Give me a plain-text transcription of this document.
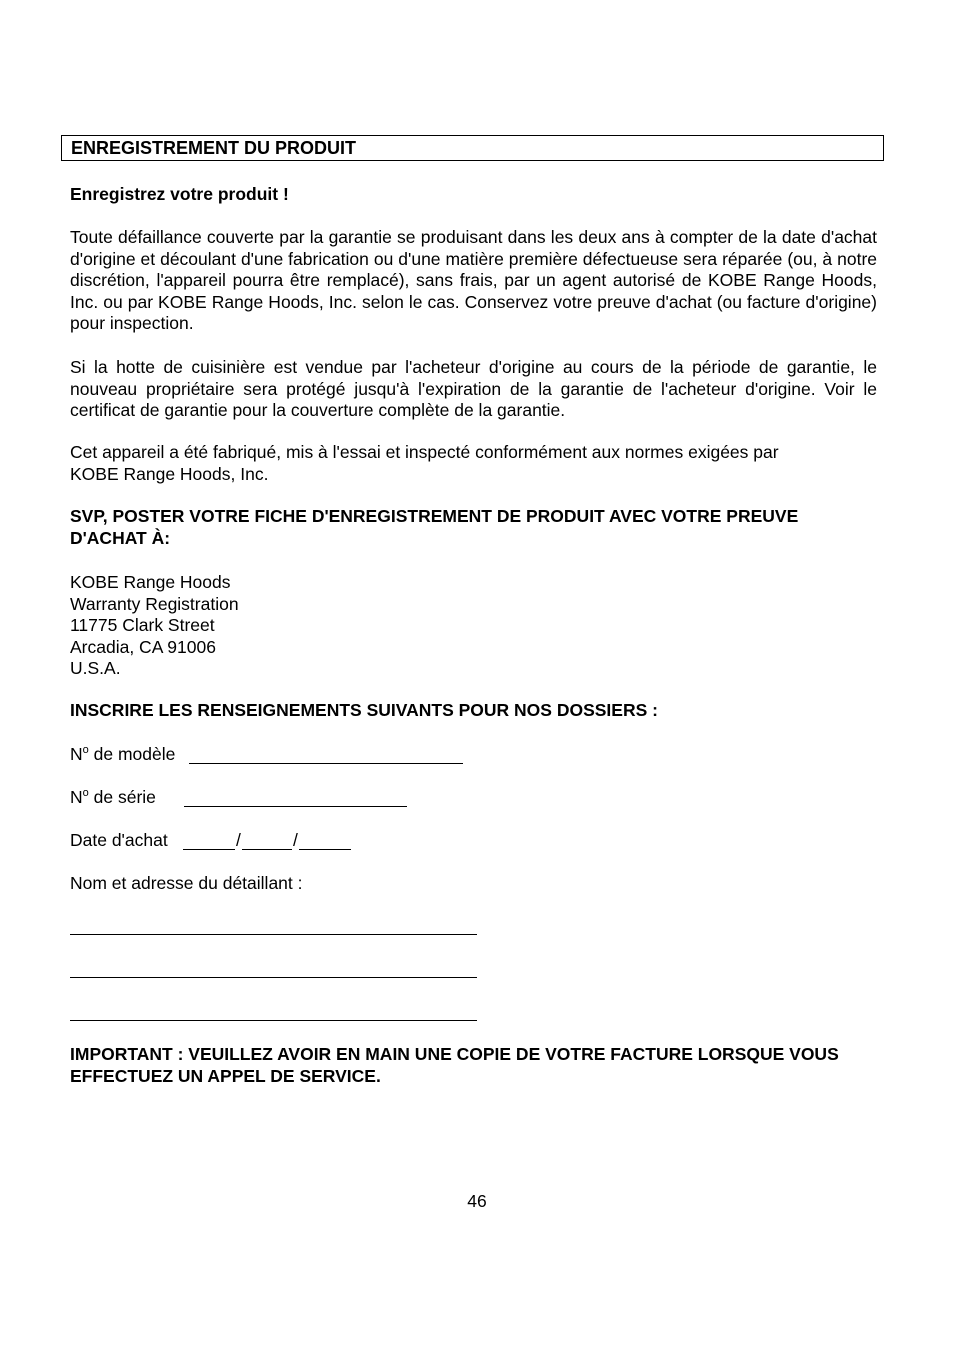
ENREGISTREMENT DU PRODUIT

Enregistrez votre produit !

Toute défaillance couverte par la garantie se produisant dans les deux ans à compter de la date d'achat d'origine et découlant d'une fabrication ou d'une matière première défectueuse sera réparée (ou, à notre discrétion, l'appareil pourra être remplacé), sans frais, par un agent autorisé de KOBE Range Hoods, Inc. ou par KOBE Range Hoods, Inc. selon le cas. Conservez votre preuve d'achat (ou facture d'origine) pour inspection.

Si la hotte de cuisinière est vendue par l'acheteur d'origine au cours de la période de garantie, le nouveau propriétaire sera protégé jusqu'à l'expiration de la garantie de l'acheteur d'origine. Voir le certificat de garantie pour la couverture complète de la garantie.

Cet appareil a été fabriqué, mis à l'essai et inspecté conformément aux normes exigées par
KOBE Range Hoods, Inc.

SVP, POSTER VOTRE FICHE D'ENREGISTREMENT DE PRODUIT AVEC VOTRE PREUVE D'ACHAT À:

KOBE Range Hoods
Warranty Registration
11775 Clark Street
Arcadia, CA 91006
U.S.A.

INSCRIRE LES RENSEIGNEMENTS SUIVANTS POUR NOS DOSSIERS :

$N^o$ de modèle
$N^o$ de série
Date d'achat	/	/
Nom et adresse du détaillant :

IMPORTANT : VEUILLEZ AVOIR EN MAIN UNE COPIE DE VOTRE FACTURE LORSQUE VOUS EFFECTUEZ UN APPEL DE SERVICE.

46
